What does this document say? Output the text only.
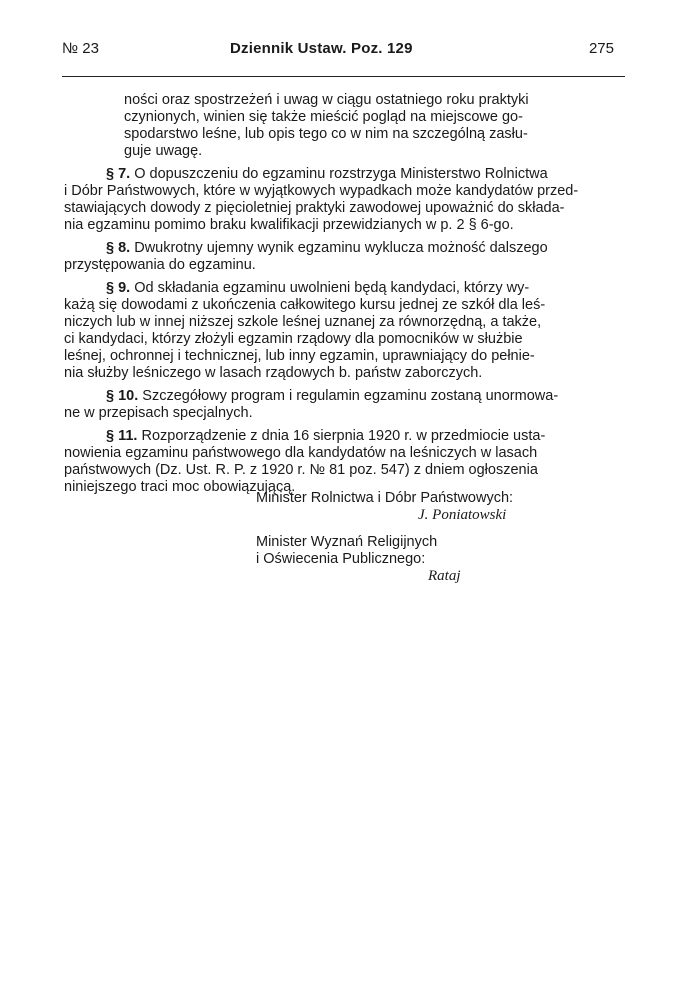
№ 23	Dziennik Ustaw. Poz. 129	275

ności oraz spostrzeżeń i uwag w ciągu ostatniego roku praktyki
czynionych, winien się także mieścić pogląd na miejscowe go-
spodarstwo leśne, lub opis tego co w nim na szczególną zasłu-
guje uwagę.

§ 7. O dopuszczeniu do egzaminu rozstrzyga Ministerstwo Rolnictwa
i Dóbr Państwowych, które w wyjątkowych wypadkach może kandydatów przed-
stawiających dowody z pięcioletniej praktyki zawodowej upoważnić do składa-
nia egzaminu pomimo braku kwalifikacji przewidzianych w p. 2 § 6-go.

§ 8. Dwukrotny ujemny wynik egzaminu wyklucza możność dalszego
przystępowania do egzaminu.

§ 9. Od składania egzaminu uwolnieni będą kandydaci, którzy wy-
każą się dowodami z ukończenia całkowitego kursu jednej ze szkół dla leś-
niczych lub w innej niższej szkole leśnej uznanej za równorzędną, a także,
ci kandydaci, którzy złożyli egzamin rządowy dla pomocników w służbie
leśnej, ochronnej i technicznej, lub inny egzamin, uprawniający do pełnie-
nia służby leśniczego w lasach rządowych b. państw zaborczych.

§ 10. Szczegółowy program i regulamin egzaminu zostaną unormowa-
ne w przepisach specjalnych.

§ 11. Rozporządzenie z dnia 16 sierpnia 1920 r. w przedmiocie usta-
nowienia egzaminu państwowego dla kandydatów na leśniczych w lasach
państwowych (Dz. Ust. R. P. z 1920 r. № 81 poz. 547) z dniem ogłoszenia
niniejszego traci moc obowiązującą.

Minister Rolnictwa i Dóbr Państwowych:
J. Poniatowski
Minister Wyznań Religijnych
i Oświecenia Publicznego:
Rataj
